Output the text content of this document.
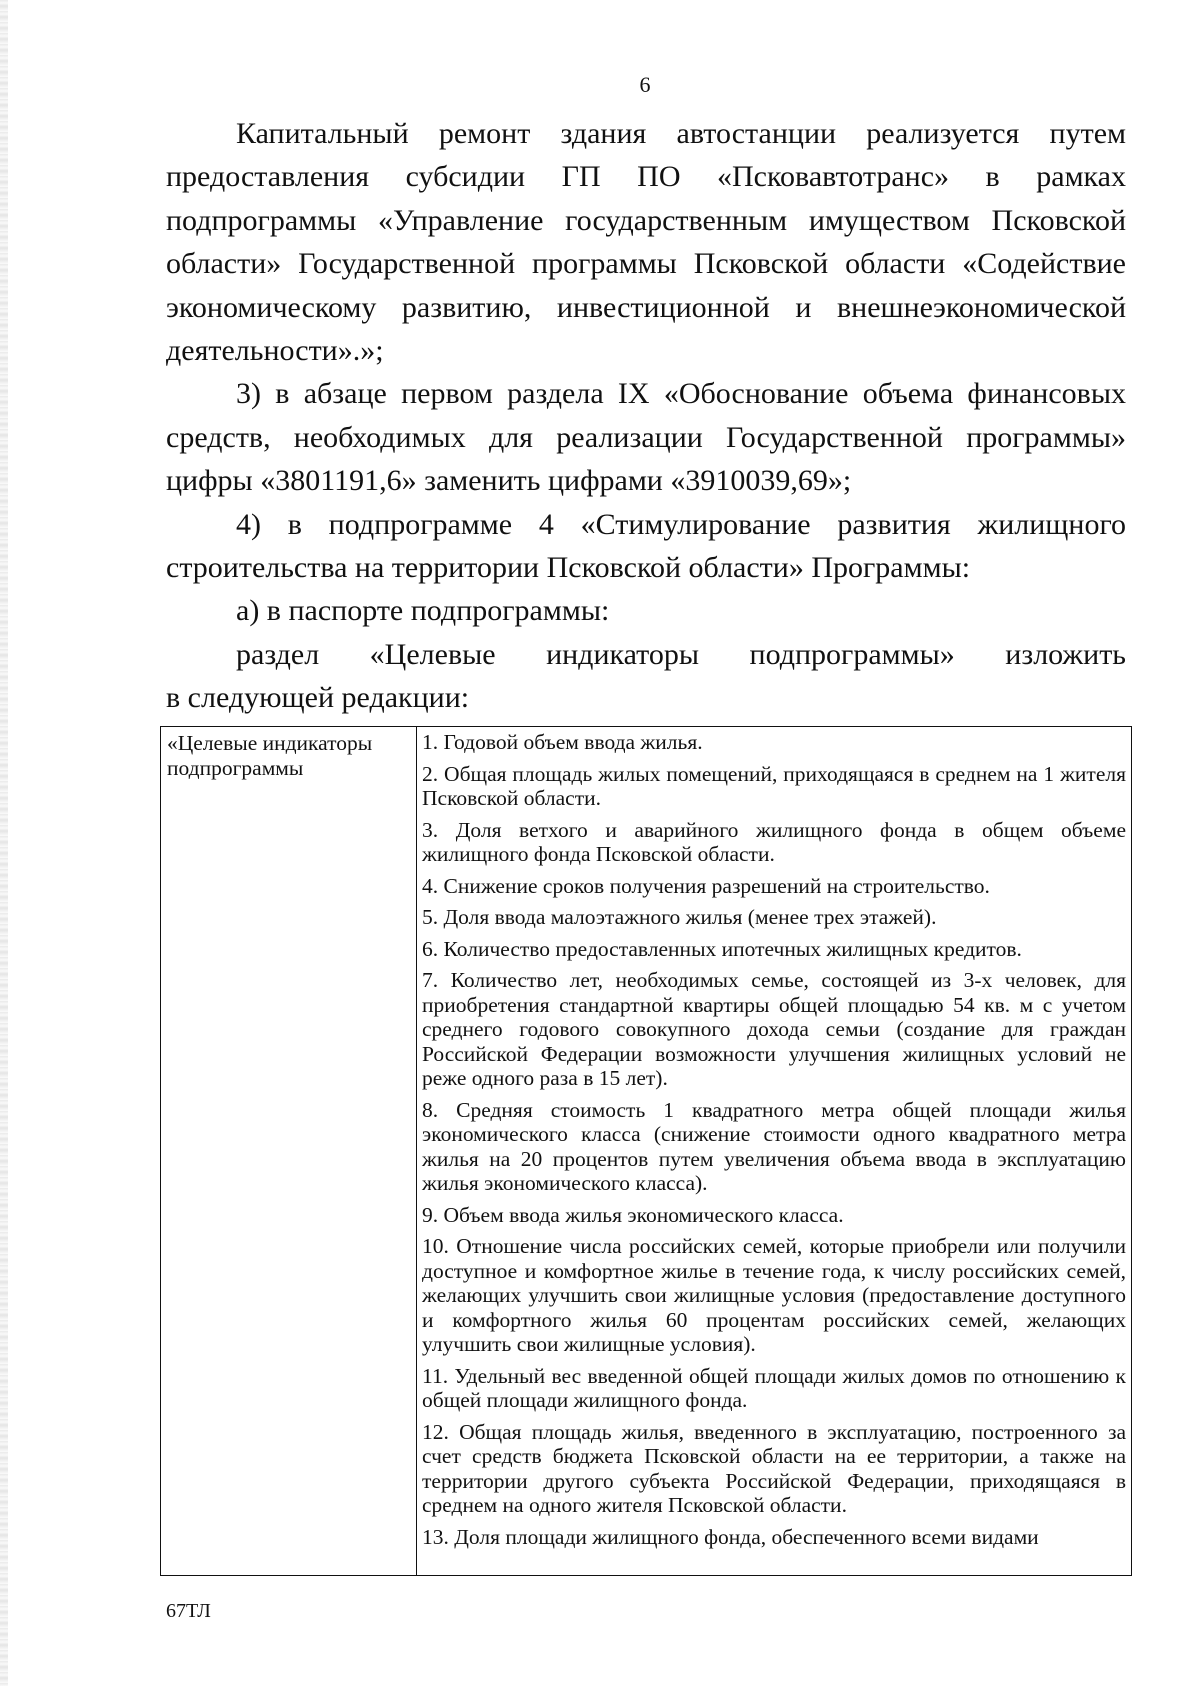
6

Капитальный ремонт здания автостанции реализуется путем предоставления субсидии ГП ПО «Псковавтотранс» в рамках подпрограммы «Управление государственным имуществом Псковской области» Государственной программы Псковской области «Содействие экономическому развитию, инвестиционной и внешнеэкономической деятельности».»;

3) в абзаце первом раздела IX «Обоснование объема финансовых средств, необходимых для реализации Государственной программы» цифры «3801191,6» заменить цифрами «3910039,69»;

4) в подпрограмме 4 «Стимулирование развития жилищного строительства на территории Псковской области» Программы:

а) в паспорте подпрограммы:

раздел «Целевые индикаторы подпрограммы» изложить

в следующей редакции:

«Целевые индикаторы подпрограммы
1. Годовой объем ввода жилья.
2. Общая площадь жилых помещений, приходящаяся в среднем на 1 жителя Псковской области.
3. Доля ветхого и аварийного жилищного фонда в общем объеме жилищного фонда Псковской области.
4. Снижение сроков получения разрешений на строительство.
5. Доля ввода малоэтажного жилья (менее трех этажей).
6. Количество предоставленных ипотечных жилищных кредитов.
7. Количество лет, необходимых семье, состоящей из 3-х человек, для приобретения стандартной квартиры общей площадью 54 кв. м с учетом среднего годового совокупного дохода семьи (создание для граждан Российской Федерации возможности улучшения жилищных условий не реже одного раза в 15 лет).
8. Средняя стоимость 1 квадратного метра общей площади жилья экономического класса (снижение стоимости одного квадратного метра жилья на 20 процентов путем увеличения объема ввода в эксплуатацию жилья экономического класса).
9. Объем ввода жилья экономического класса.
10. Отношение числа российских семей, которые приобрели или получили доступное и комфортное жилье в течение года, к числу российских семей, желающих улучшить свои жилищные условия (предоставление доступного и комфортного жилья 60 процентам российских семей, желающих улучшить свои жилищные условия).
11. Удельный вес введенной общей площади жилых домов по отношению к общей площади жилищного фонда.
12. Общая площадь жилья, введенного в эксплуатацию, построенного за счет средств бюджета Псковской области на ее территории, а также на территории другого субъекта Российской Федерации, приходящаяся в среднем на одного жителя Псковской области.
13. Доля площади жилищного фонда, обеспеченного всеми видами
67ТЛ
